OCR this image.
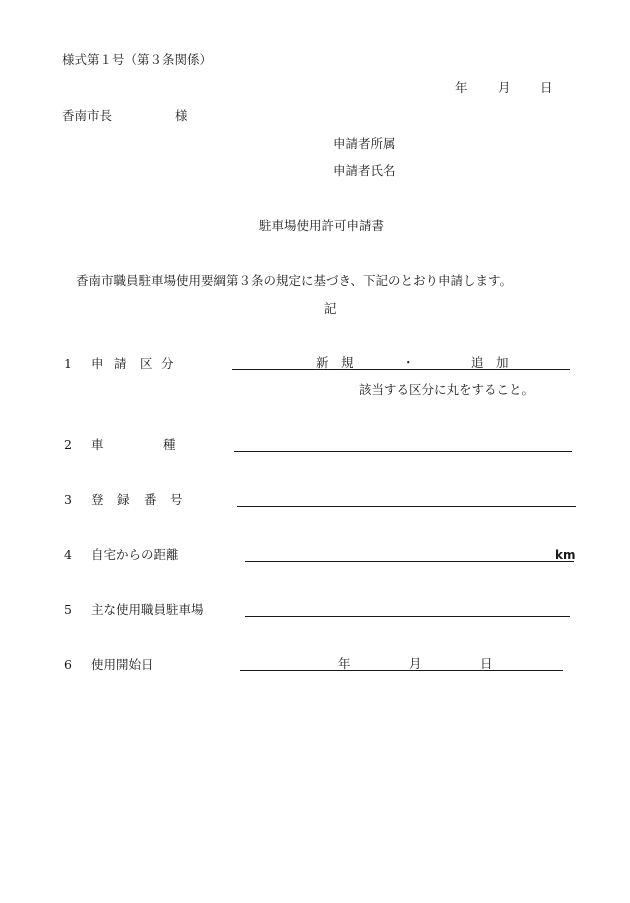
様式第１号（第３条関係）
年 月 日
香南市長	様
申請者所属
申請者氏名
駐車場使用許可申請書
香南市職員駐車場使用要綱第３条の規定に基づき、下記のとおり申請します。
記
1 申 請 区 分	新　規	・	追　加
該当する区分に丸をすること。
2 車	種
3 登 録 番 号
4 自宅からの距離	km
5 主な使用職員駐車場
6 使用開始日	年	月	日
